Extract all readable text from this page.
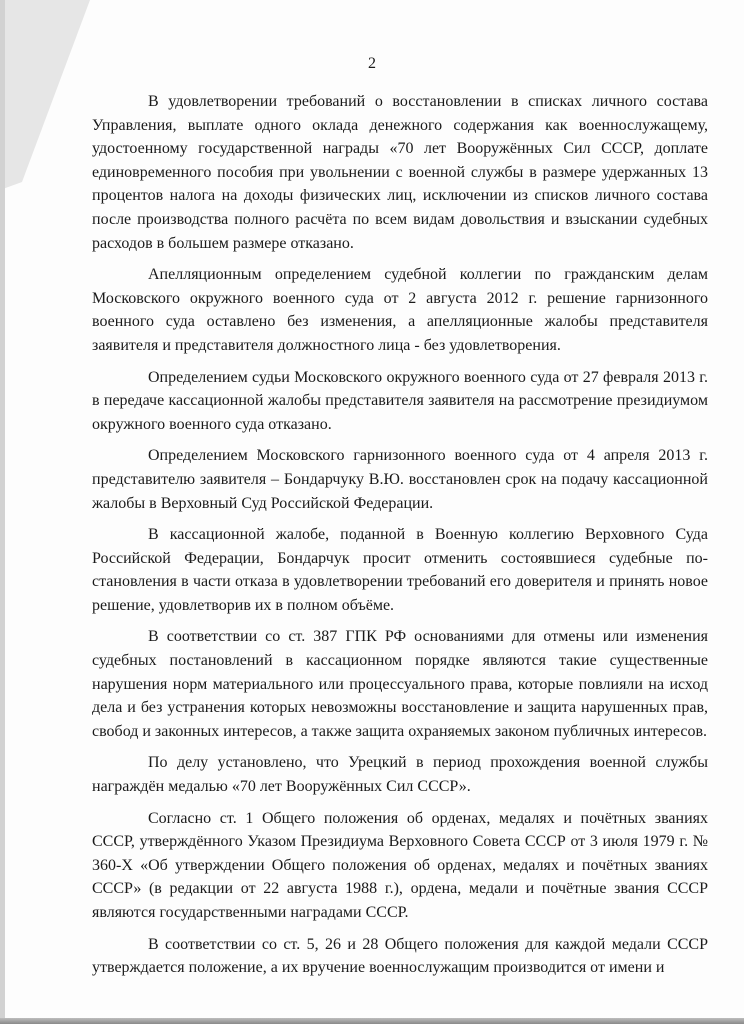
2

В удовлетворении требований о восстановлении в списках личного состава Управления, выплате одного оклада денежного содержания как военнослужащему, удостоенному государственной награды «70 лет Вооружённых Сил СССР, доплате единовременного пособия при увольнении с военной службы в размере удержанных 13 процентов налога на доходы физических лиц, исключении из списков личного состава после производства полного расчёта по всем видам довольствия и взыскании судебных расходов в большем размере отказано.

Апелляционным определением судебной коллегии по гражданским делам Московского окружного военного суда от 2 августа 2012 г. решение гарнизонного военного суда оставлено без изменения, а апелляционные жалобы представителя заявителя и представителя должностного лица - без удовлетворения.

Определением судьи Московского окружного военного суда от 27 февраля 2013 г. в передаче кассационной жалобы представителя заявителя на рассмотрение президиумом окружного военного суда отказано.

Определением Московского гарнизонного военного суда от 4 апреля 2013 г. представителю заявителя – Бондарчуку В.Ю. восстановлен срок на подачу кассационной жалобы в Верховный Суд Российской Федерации.

В кассационной жалобе, поданной в Военную коллегию Верховного Суда Российской Федерации, Бондарчук просит отменить состоявшиеся судебные постановления в части отказа в удовлетворении требований его доверителя и принять новое решение, удовлетворив их в полном объёме.

В соответствии со ст. 387 ГПК РФ основаниями для отмены или изменения судебных постановлений в кассационном порядке являются такие существенные нарушения норм материального или процессуального права, которые повлияли на исход дела и без устранения которых невозможны восстановление и защита нарушенных прав, свобод и законных интересов, а также защита охраняемых законом публичных интересов.

По делу установлено, что Урецкий в период прохождения военной службы награждён медалью «70 лет Вооружённых Сил СССР».

Согласно ст. 1 Общего положения об орденах, медалях и почётных званиях СССР, утверждённого Указом Президиума Верховного Совета СССР от 3 июля 1979 г. № 360-X «Об утверждении Общего положения об орденах, медалях и почётных званиях СССР» (в редакции от 22 августа 1988 г.), ордена, медали и почётные звания СССР являются государственными наградами СССР.

В соответствии со ст. 5, 26 и 28 Общего положения для каждой медали СССР утверждается положение, а их вручение военнослужащим производится от имени и
